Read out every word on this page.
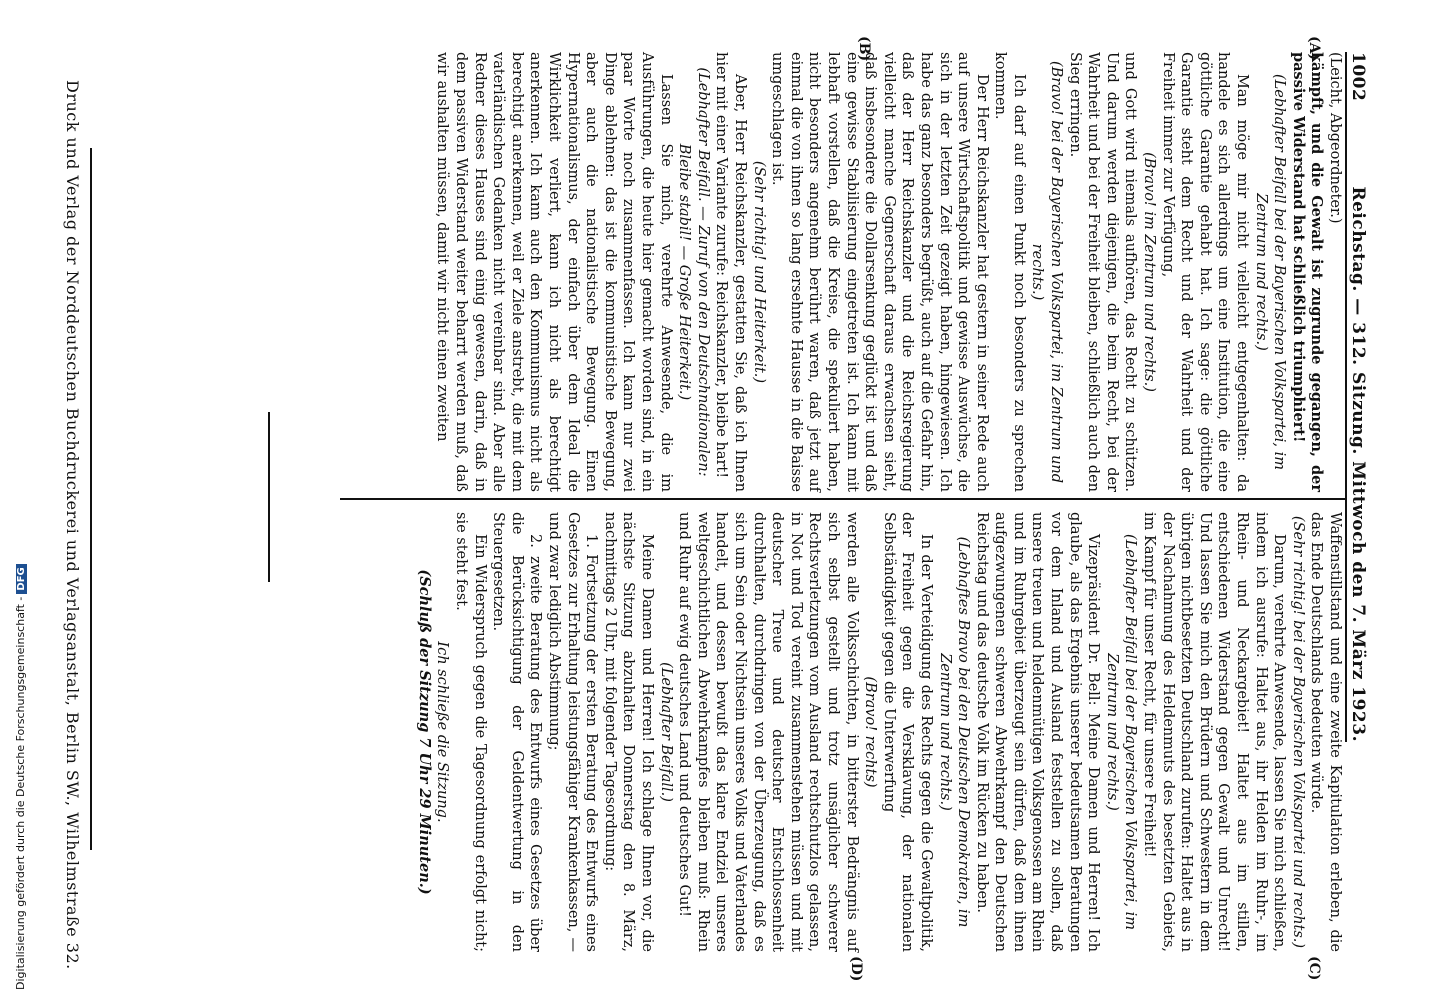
1002
Reichstag. — 312. Sitzung. Mittwoch den 7. März 1923.
(A)
(B)
(C)
(D)

(Leicht, Abgeordneter.)

kämpft, und die Gewalt ist zugrunde gegangen, der passive Widerstand hat schließlich triumphiert!

(Lebhafter Beifall bei der Bayerischen Volkspartei, im Zentrum und rechts.)

Man möge mir nicht vielleicht entgegenhalten: da handele es sich allerdings um eine Institution, die eine göttliche Garantie gehabt hat. Ich sage: die göttliche Garantie steht dem Recht und der Wahrheit und der Freiheit immer zur Verfügung,

(Bravo! im Zentrum und rechts.)

und Gott wird niemals aufhören, das Recht zu schützen. Und darum werden diejenigen, die beim Recht, bei der Wahrheit und bei der Freiheit bleiben, schließlich auch den Sieg erringen.

(Bravo! bei der Bayerischen Volkspartei, im Zentrum und rechts.)

Ich darf auf einen Punkt noch besonders zu sprechen kommen.

Der Herr Reichskanzler hat gestern in seiner Rede auch auf unsere Wirtschaftspolitik und gewisse Auswüchse, die sich in der letzten Zeit gezeigt haben, hingewiesen. Ich habe das ganz besonders begrüßt, auch auf die Gefahr hin, daß der Herr Reichskanzler und die Reichsregierung vielleicht manche Gegnerschaft daraus erwachsen sieht, daß insbesondere die Dollarsenkung geglückt ist und daß eine gewisse Stabilisierung eingetreten ist. Ich kann mit lebhaft vorstellen, daß die Kreise, die spekuliert haben, nicht besonders angenehm berührt waren, daß jetzt auf einmal die von ihnen so lang ersehnte Hausse in die Baisse umgeschlagen ist.

(Sehr richtig! und Heiterkeit.)

Aber, Herr Reichskanzler, gestatten Sie, daß ich Ihnen hier mit einer Variante zurufe: Reichskanzler, bleibe hart!

(Lebhafter Beifall. — Zuruf von den Deutschnationalen: Bleibe stabil! — Große Heiterkeit.)

Lassen Sie mich, verehrte Anwesende, die im Ausführungen, die heute hier gemacht worden sind, in ein paar Worte noch zusammenfassen. Ich kann nur zwei Dinge ablehnen: das ist die kommunistische Bewegung, aber auch die nationalistische Bewegung. Einen Hypernationalismus, der einfach über dem Ideal die Wirklichkeit verliert, kann ich nicht als berechtigt anerkennen. Ich kann auch den Kommunismus nicht als berechtigt anerkennen, weil er Ziele anstrebt, die mit dem vaterländischen Gedanken nicht vereinbar sind. Aber alle Redner dieses Hauses sind einig gewesen, darin, daß in dem passiven Widerstand weiter beharrt werden muß, daß wir aushalten müssen, damit wir nicht einen zweiten

Waffenstillstand und eine zweite Kapitulation erleben, die das Ende Deutschlands bedeuten würde.

(Sehr richtig! bei der Bayerischen Volkspartei und rechts.)

Darum, verehrte Anwesende, lassen Sie mich schließen, indem ich ausrufe: Haltet aus, ihr Helden im Ruhr-, im Rhein- und Neckargebiet! Haltet aus im stillen, entschiedenen Widerstand gegen Gewalt und Unrecht! Und lassen Sie mich den Brüdern und Schwestern in dem übrigen nichtbesetzten Deutschland zurufen: Haltet aus in der Nachahmung des Heldenmuts des besetzten Gebiets, im Kampf für unser Recht, für unsere Freiheit!

(Lebhafter Beifall bei der Bayerischen Volkspartei, im Zentrum und rechts.)

Vizepräsident Dr. Bell: Meine Damen und Herren! Ich glaube, als das Ergebnis unserer bedeutsamen Beratungen vor dem Inland und Ausland feststellen zu sollen, daß unsere treuen und heldenmütigen Volksgenossen am Rhein und im Ruhrgebiet überzeugt sein dürfen, daß dem ihnen aufgezwungenen schweren Abwehrkampf den Deutschen Reichstag und das deutsche Volk im Rücken zu haben.

(Lebhaftes Bravo bei den Deutschen Demokraten, im Zentrum und rechts.)

In der Verteidigung des Rechts gegen die Gewaltpolitik, der Freiheit gegen die Versklavung, der nationalen Selbständigkeit gegen die Unterwerfung

(Bravo! rechts)

werden alle Volksschichten, in bitterster Bedrängnis auf sich selbst gestellt und trotz unsäglicher schwerer Rechtsverletzungen vom Ausland rechtschutzlos gelassen, in Not und Tod vereint zusammenstehen müssen und mit deutscher Treue und deutscher Entschlossenheit durchhalten, durchdringen von der Überzeugung, daß es sich um Sein oder Nichtsein unseres Volks und Vaterlandes handelt, und dessen bewußt das klare Endziel unseres weltgeschichtlichen Abwehrkampfes bleiben muß: Rhein und Ruhr auf ewig deutsches Land und deutsches Gut!

(Lebhafter Beifall.)

Meine Damen und Herren! Ich schlage Ihnen vor, die nächste Sitzung abzuhalten Donnerstag den 8. März, nachmittags 2 Uhr, mit folgender Tagesordnung:

1. Fortsetzung der ersten Beratung des Entwurfs eines Gesetzes zur Erhaltung leistungsfähiger Krankenkassen, — und zwar lediglich Abstimmung;

2. zweite Beratung des Entwurfs eines Gesetzes über die Berücksichtigung der Geldentwertung in den Steuergesetzen.

Ein Widerspruch gegen die Tagesordnung erfolgt nicht; sie steht fest.

Ich schließe die Sitzung.

(Schluß der Sitzung 7 Uhr 29 Minuten.)

Druck und Verlag der Norddeutschen Buchdruckerei und Verlagsanstalt, Berlin SW., Wilhelmstraße 32.
Digitalisierung gefördert durch die Deutsche Forschungsgemeinschaft -DFG
